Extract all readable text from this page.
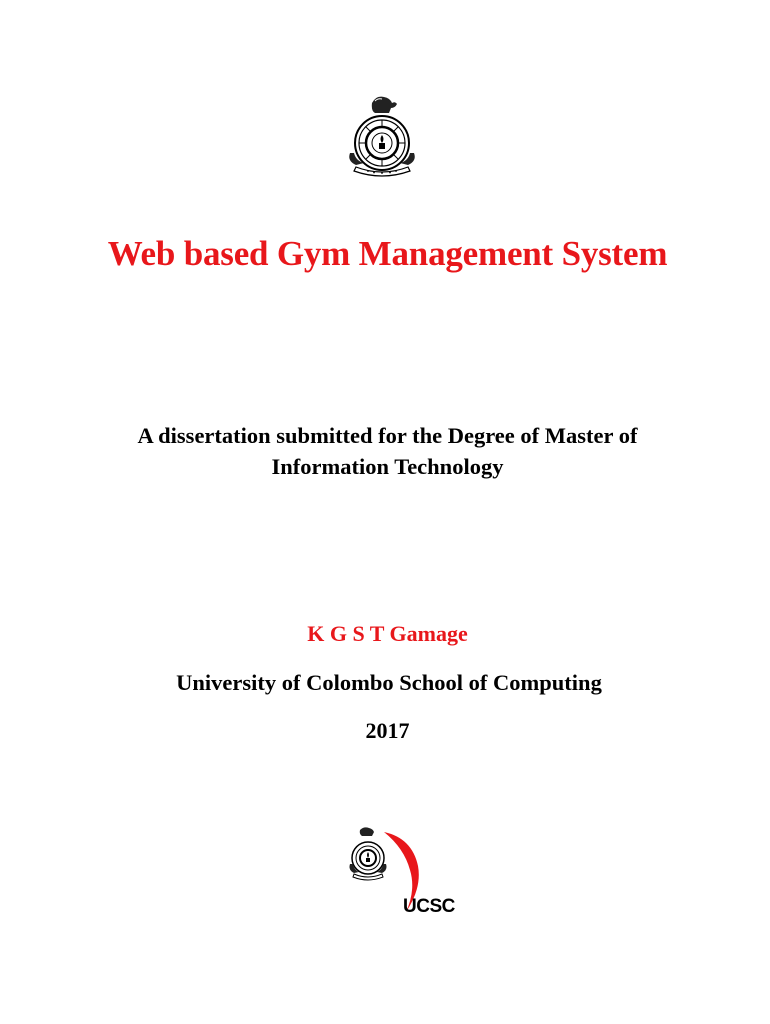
Web based Gym Management System
A dissertation submitted for the Degree of Master of
Information Technology
K G S T Gamage
University of Colombo School of Computing
2017
UCSC
